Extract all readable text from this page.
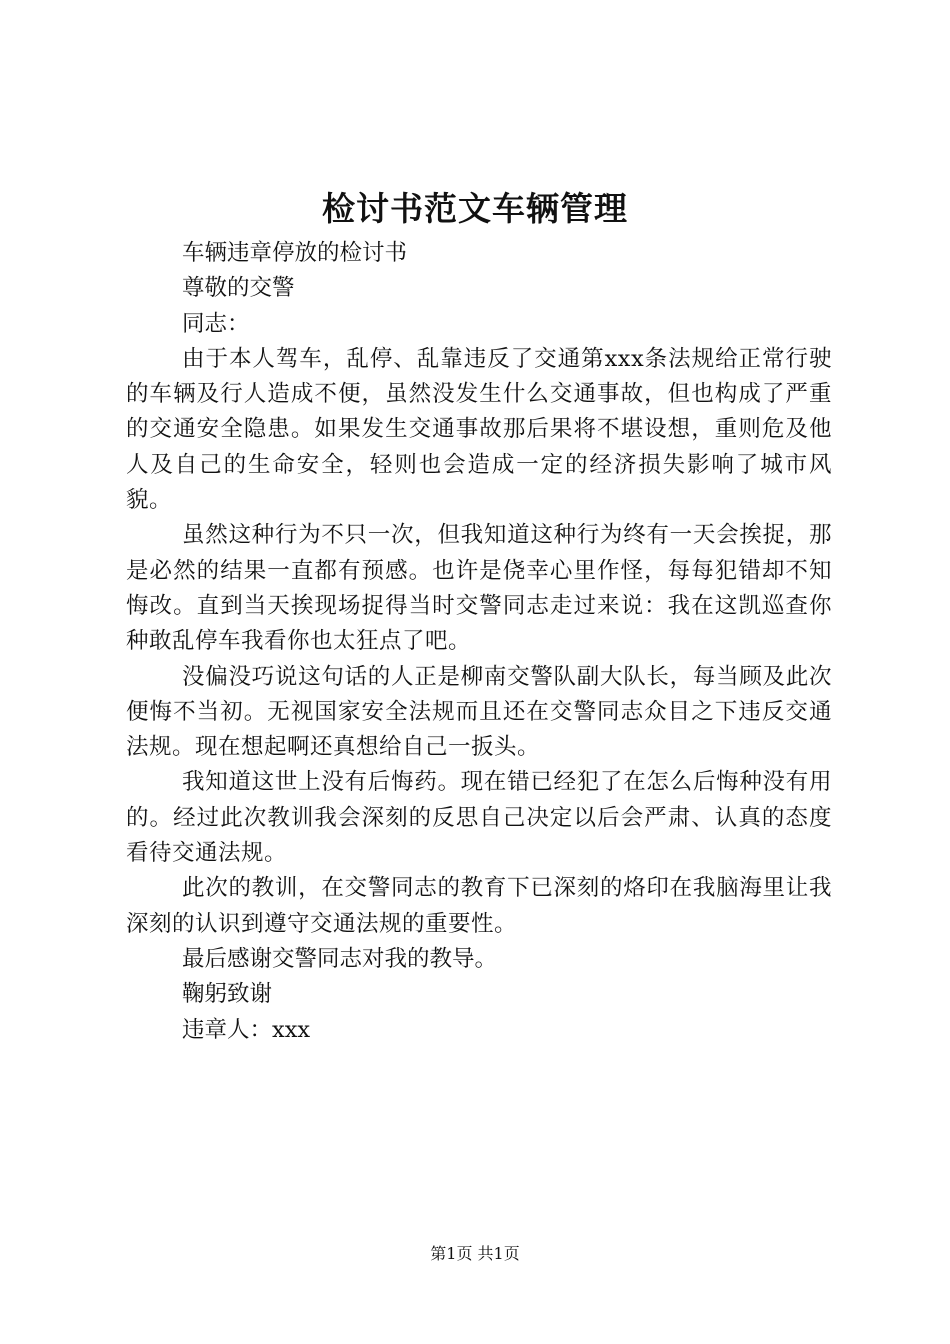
检讨书范文车辆管理
车辆违章停放的检讨书
尊敬的交警
同志：

由于本人驾车，乱停、乱靠违反了交通第xxx条法规给正常行驶的车辆及行人造成不便，虽然没发生什么交通事故，但也构成了严重的交通安全隐患。如果发生交通事故那后果将不堪设想，重则危及他人及自己的生命安全，轻则也会造成一定的经济损失影响了城市风貌。

虽然这种行为不只一次，但我知道这种行为终有一天会挨捉，那是必然的结果一直都有预感。也许是侥幸心里作怪，每每犯错却不知悔改。直到当天挨现场捉得当时交警同志走过来说：我在这凯巡查你种敢乱停车我看你也太狂点了吧。

没偏没巧说这句话的人正是柳南交警队副大队长，每当顾及此次便悔不当初。无视国家安全法规而且还在交警同志众目之下违反交通法规。现在想起啊还真想给自己一扳头。

我知道这世上没有后悔药。现在错已经犯了在怎么后悔种没有用的。经过此次教训我会深刻的反思自己决定以后会严肃、认真的态度看待交通法规。

此次的教训，在交警同志的教育下已深刻的烙印在我脑海里让我深刻的认识到遵守交通法规的重要性。

最后感谢交警同志对我的教导。
鞠躬致谢
违章人：xxx
第1页 共1页
